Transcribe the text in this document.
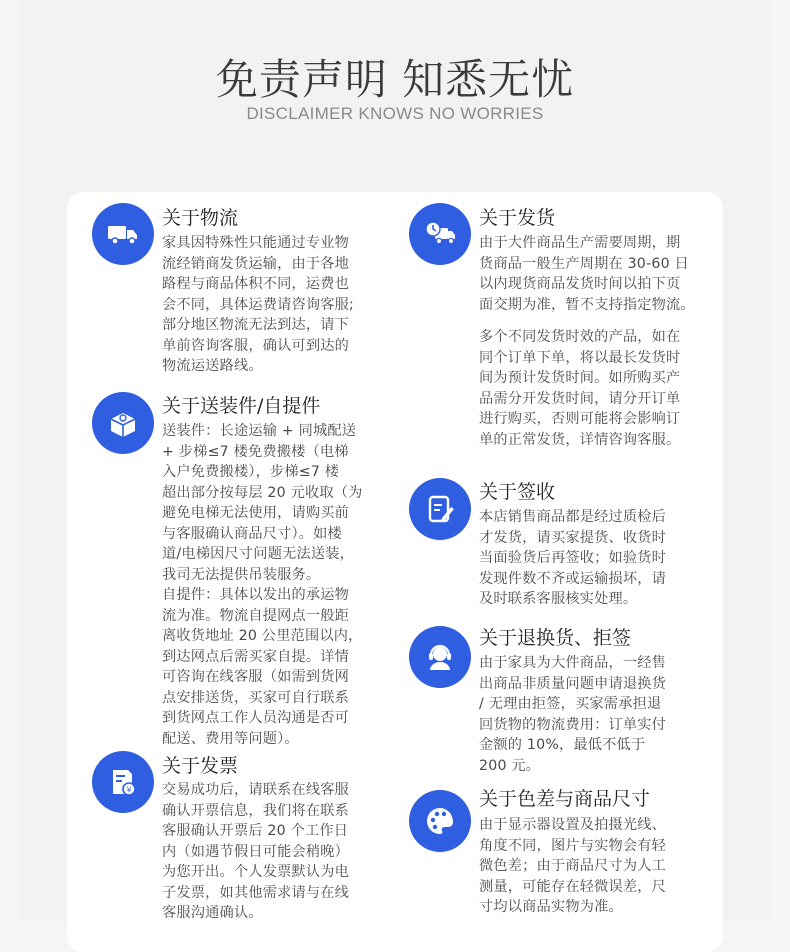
免责声明 知悉无忧
DISCLAIMER KNOWS NO WORRIES
关于物流
家具因特殊性只能通过专业物
流经销商发货运输，由于各地
路程与商品体积不同，运费也
会不同，具体运费请咨询客服;
部分地区物流无法到达，请下
单前咨询客服，确认可到达的
物流运送路线。
关于送装件/自提件
送装件：长途运输 + 同城配送
+ 步梯≤7 楼免费搬楼（电梯
入户免费搬楼），步梯≤7 楼
超出部分按每层 20 元收取（为
避免电梯无法使用，请购买前
与客服确认商品尺寸）。如楼
道/电梯因尺寸问题无法送装，
我司无法提供吊装服务。
自提件：具体以发出的承运物
流为准。物流自提网点一般距
离收货地址 20 公里范围以内，
到达网点后需买家自提。详情
可咨询在线客服（如需到货网
点安排送货，买家可自行联系
到货网点工作人员沟通是否可
配送、费用等问题）。
¥
关于发票
交易成功后，请联系在线客服
确认开票信息，我们将在联系
客服确认开票后 20 个工作日
内（如遇节假日可能会稍晚）
为您开出。个人发票默认为电
子发票，如其他需求请与在线
客服沟通确认。
关于发货
由于大件商品生产需要周期，期
货商品一般生产周期在 30-60 日
以内现货商品发货时间以拍下页
面交期为准，暂不支持指定物流。
多个不同发货时效的产品，如在
同个订单下单，将以最长发货时
间为预计发货时间。如所购买产
品需分开发货时间，请分开订单
进行购买，否则可能将会影响订
单的正常发货，详情咨询客服。
关于签收
本店销售商品都是经过质检后
才发货，请买家提货、收货时
当面验货后再签收；如验货时
发现件数不齐或运输损坏，请
及时联系客服核实处理。
关于退换货、拒签
由于家具为大件商品，一经售
出商品非质量问题申请退换货
/ 无理由拒签，买家需承担退
回货物的物流费用：订单实付
金额的 10%，最低不低于
200 元。
关于色差与商品尺寸
由于显示器设置及拍摄光线、
角度不同，图片与实物会有轻
微色差；由于商品尺寸为人工
测量，可能存在轻微误差，尺
寸均以商品实物为准。
